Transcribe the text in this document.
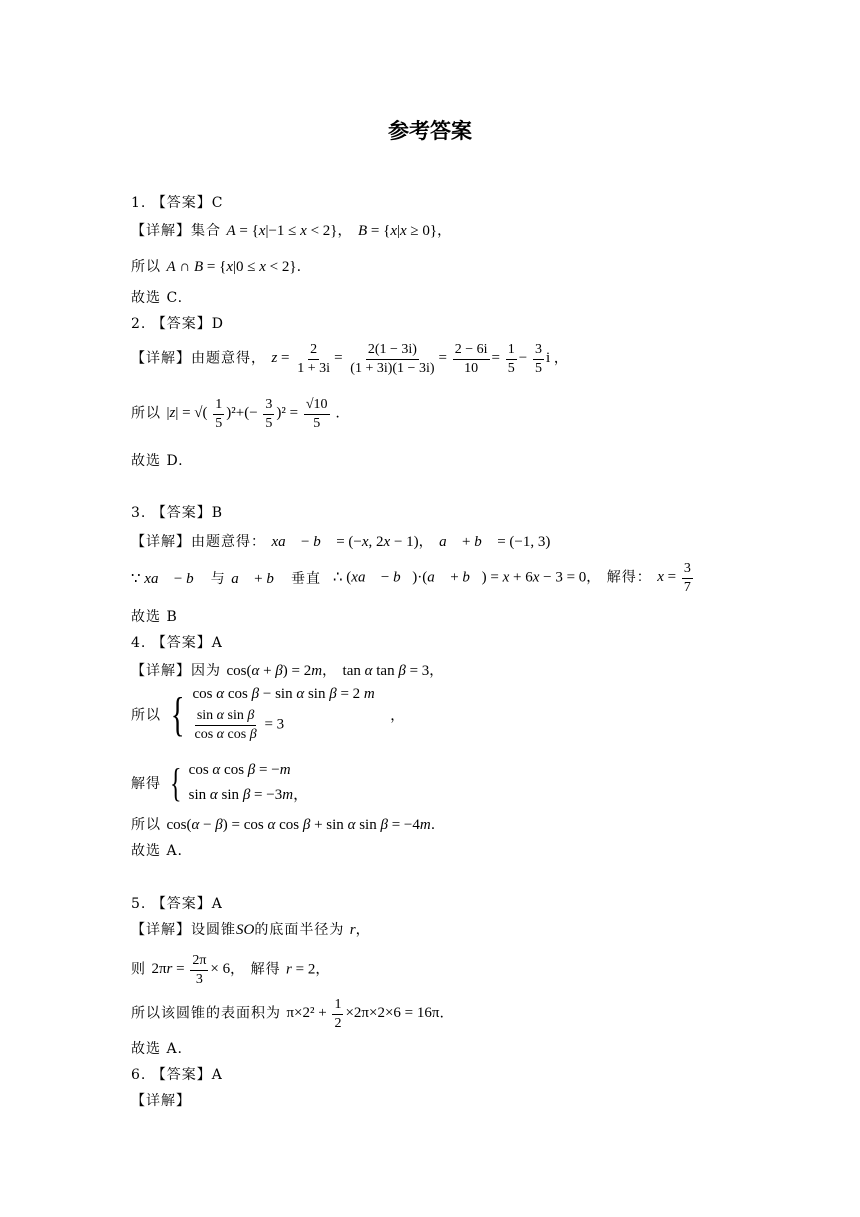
参考答案
1. 【答案】C
【详解】集合 A = {x|−1 ≤ x < 2}， B = {x|x ≥ 0}，
所以 A ∩ B = {x|0 ≤ x < 2}.
故选 C.
2. 【答案】D
【详解】由题意得， $z = \frac{2}{1 + 3i} = \frac{2(1 - 3i)}{(1 + 3i)(1 - 3i)} = \frac{2 - 6i}{10} = \frac{1}{5} - \frac{3}{5}$ i ，
所以 |z| = √( $\frac{1}{5} )^2+(- \frac{3}{5} )^2 = \frac{√10}{5}$ .
故选 D.
3. 【答案】B
【详解】由题意得： xa⃗ − b⃗ = (−x, 2x − 1)， a⃗ + b⃗ = (−1, 3)
∵ xa⃗ − b⃗ 与 a⃗ + b⃗ 垂直 ∴ (xa⃗ − b⃗)·(a⃗ + b⃗) = x + 6x − 3 = 0， 解得： $x = \frac{3}{7}$
故选 B
4. 【答案】A
【详解】因为 cos(α + β) = 2m， tan α tan β = 3，
所以 { cos α cos β − sin α sin β = 2 m
$\frac{\text{sin α sin β}}{\text{cos α cos β}} = 3$
，
解得 { cos α cos β = −m
sin α sin β = −3m，
所以 cos(α − β) = cos α cos β + sin α sin β = −4m.
故选 A.
5. 【答案】A
【详解】设圆锥SO的底面半径为 r，
则 $2\pi r = \frac{2\pi}{3} \times 6$， 解得 r = 2，
所以该圆锥的表面积为 $\pi\times 2^2 + \frac{1}{2} \times 2\pi\times 2\times 6 = 16\pi$.
故选 A.
6. 【答案】A
【详解】
